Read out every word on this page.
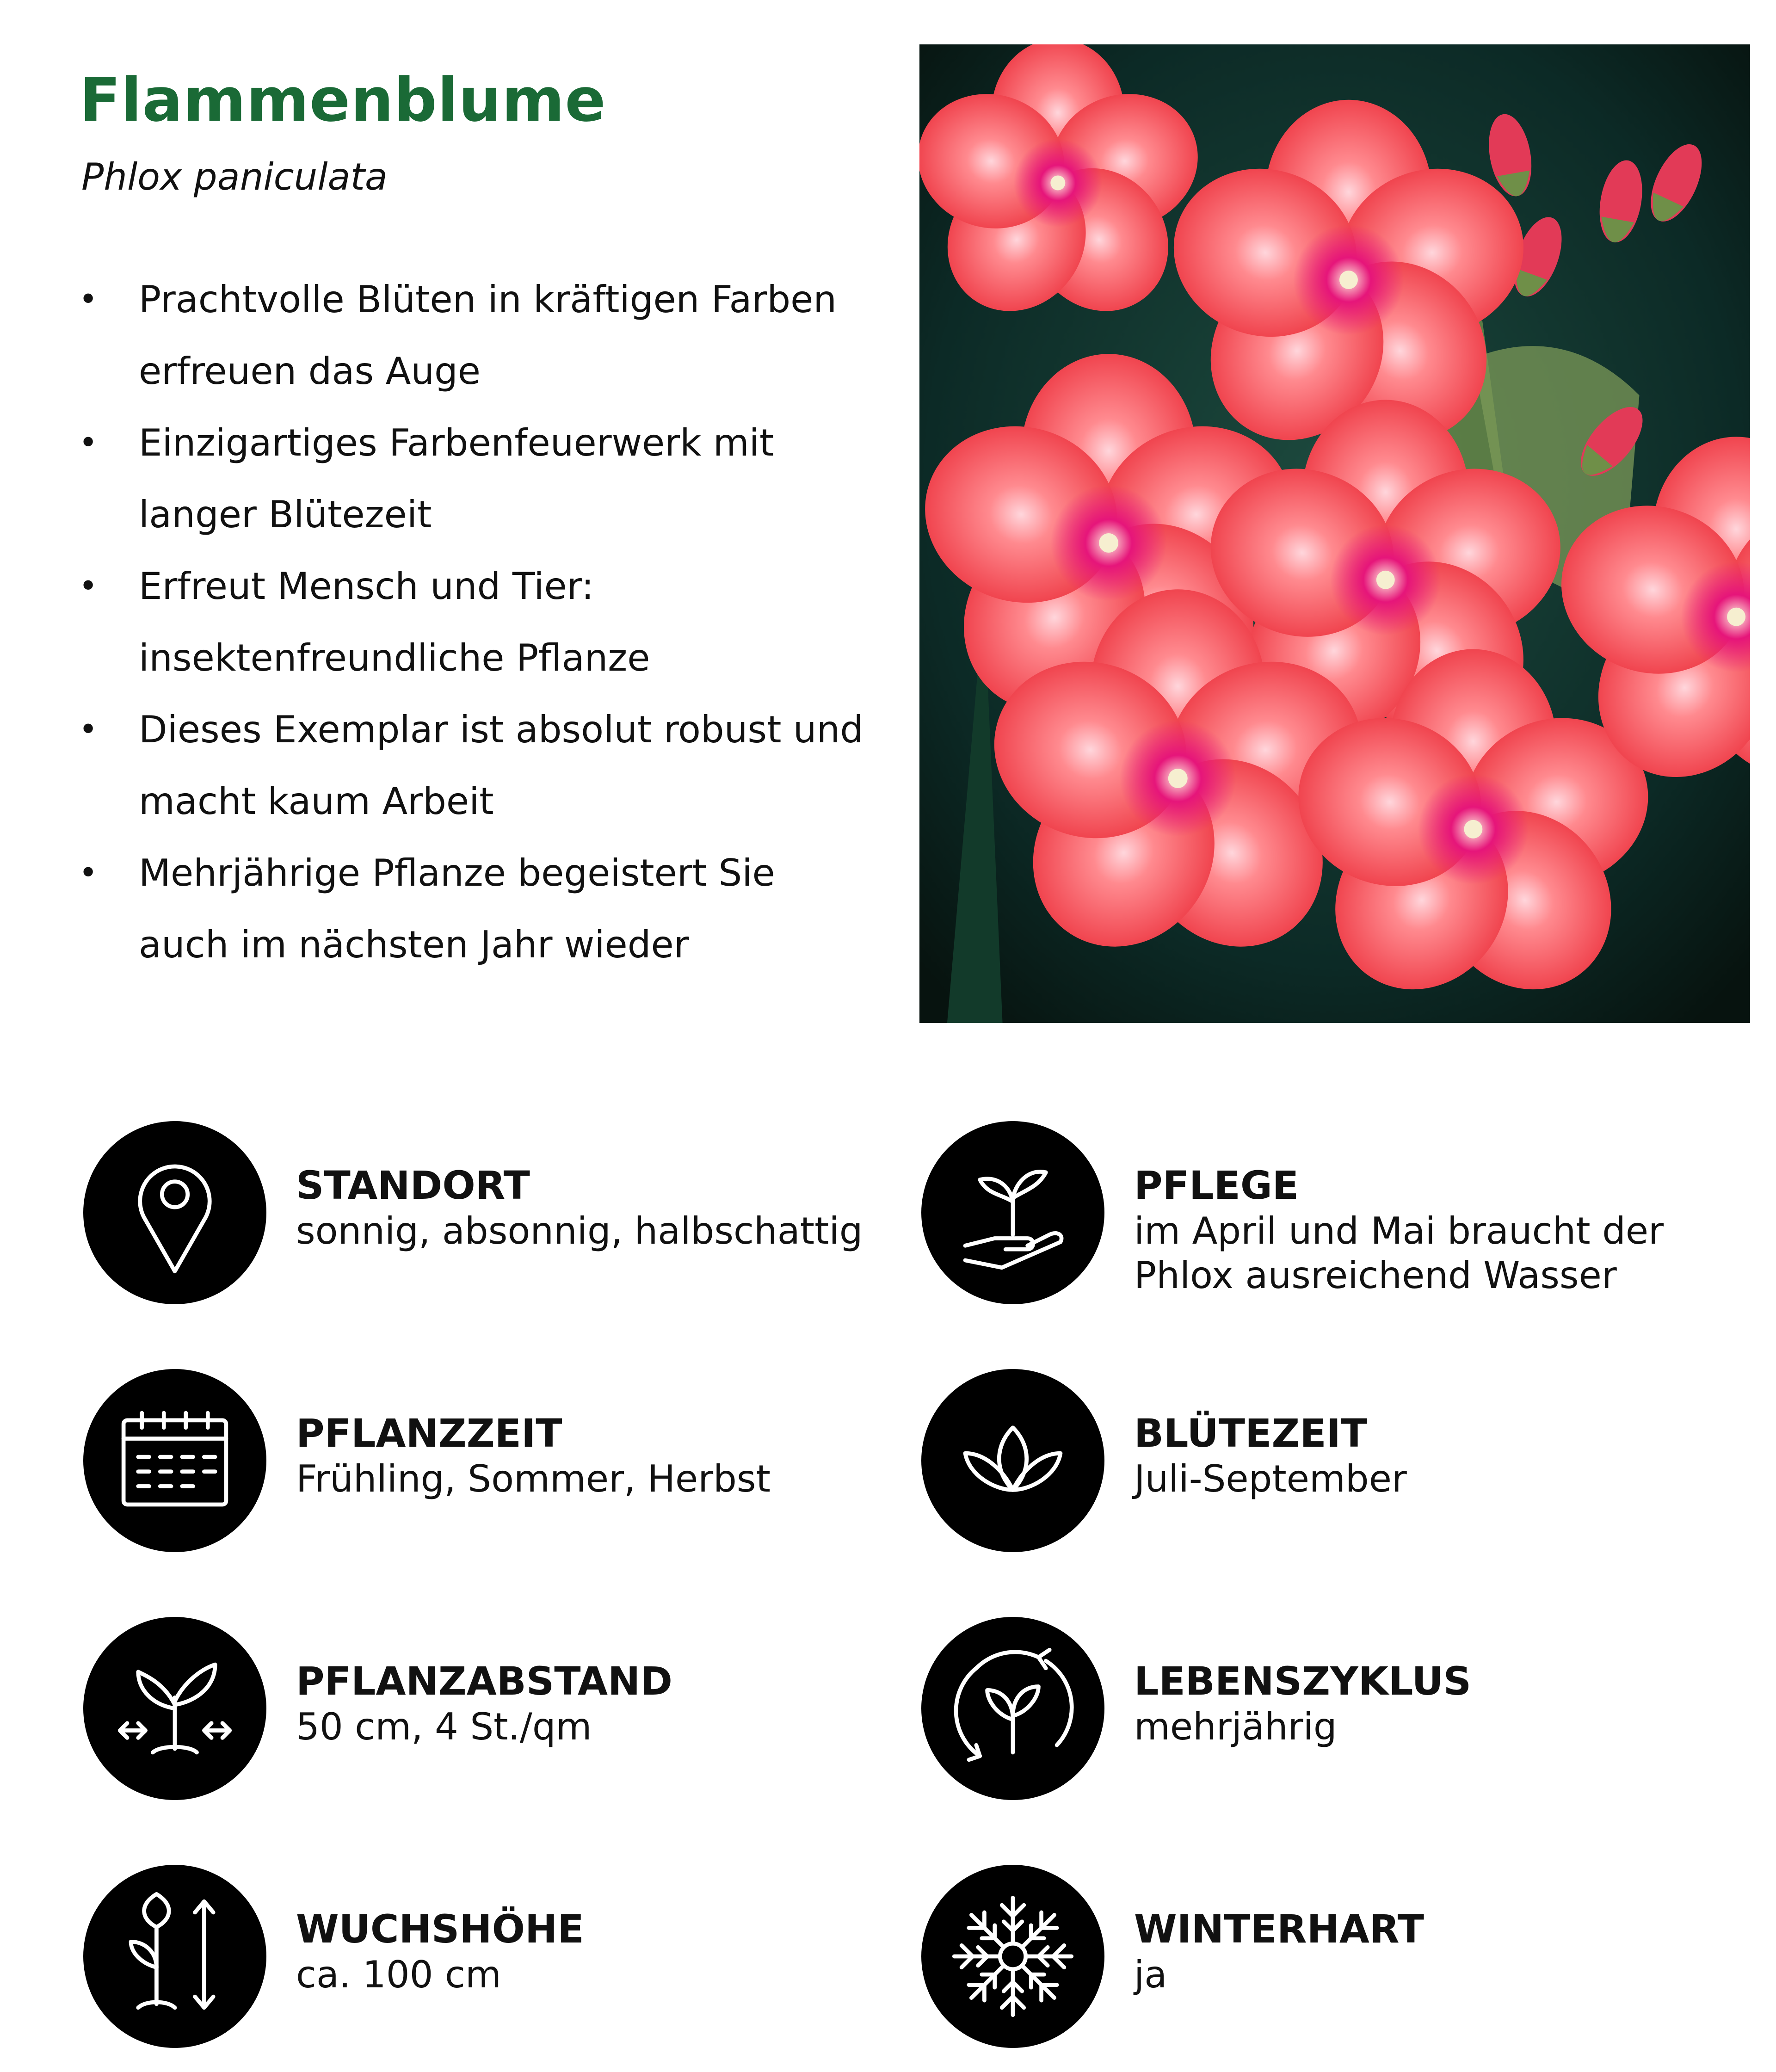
Flammenblume
Phlox paniculata
• Prachtvolle Blüten in kräftigen Farben erfreuen das Auge
• Einzigartiges Farbenfeuerwerk mit langer Blütezeit
• Erfreut Mensch und Tier: insektenfreundliche Pflanze
• Dieses Exemplar ist absolut robust und macht kaum Arbeit
• Mehrjährige Pflanze begeistert Sie auch im nächsten Jahr wieder
STANDORT
sonnig, absonnig, halbschattig
PFLEGE
im April und Mai braucht der Phlox ausreichend Wasser
PFLANZZEIT
Frühling, Sommer, Herbst
BLÜTEZEIT
Juli-September
PFLANZABSTAND
50 cm, 4 St./qm
LEBENSZYKLUS
mehrjährig
WUCHSHÖHE
ca. 100 cm
WINTERHART
ja
